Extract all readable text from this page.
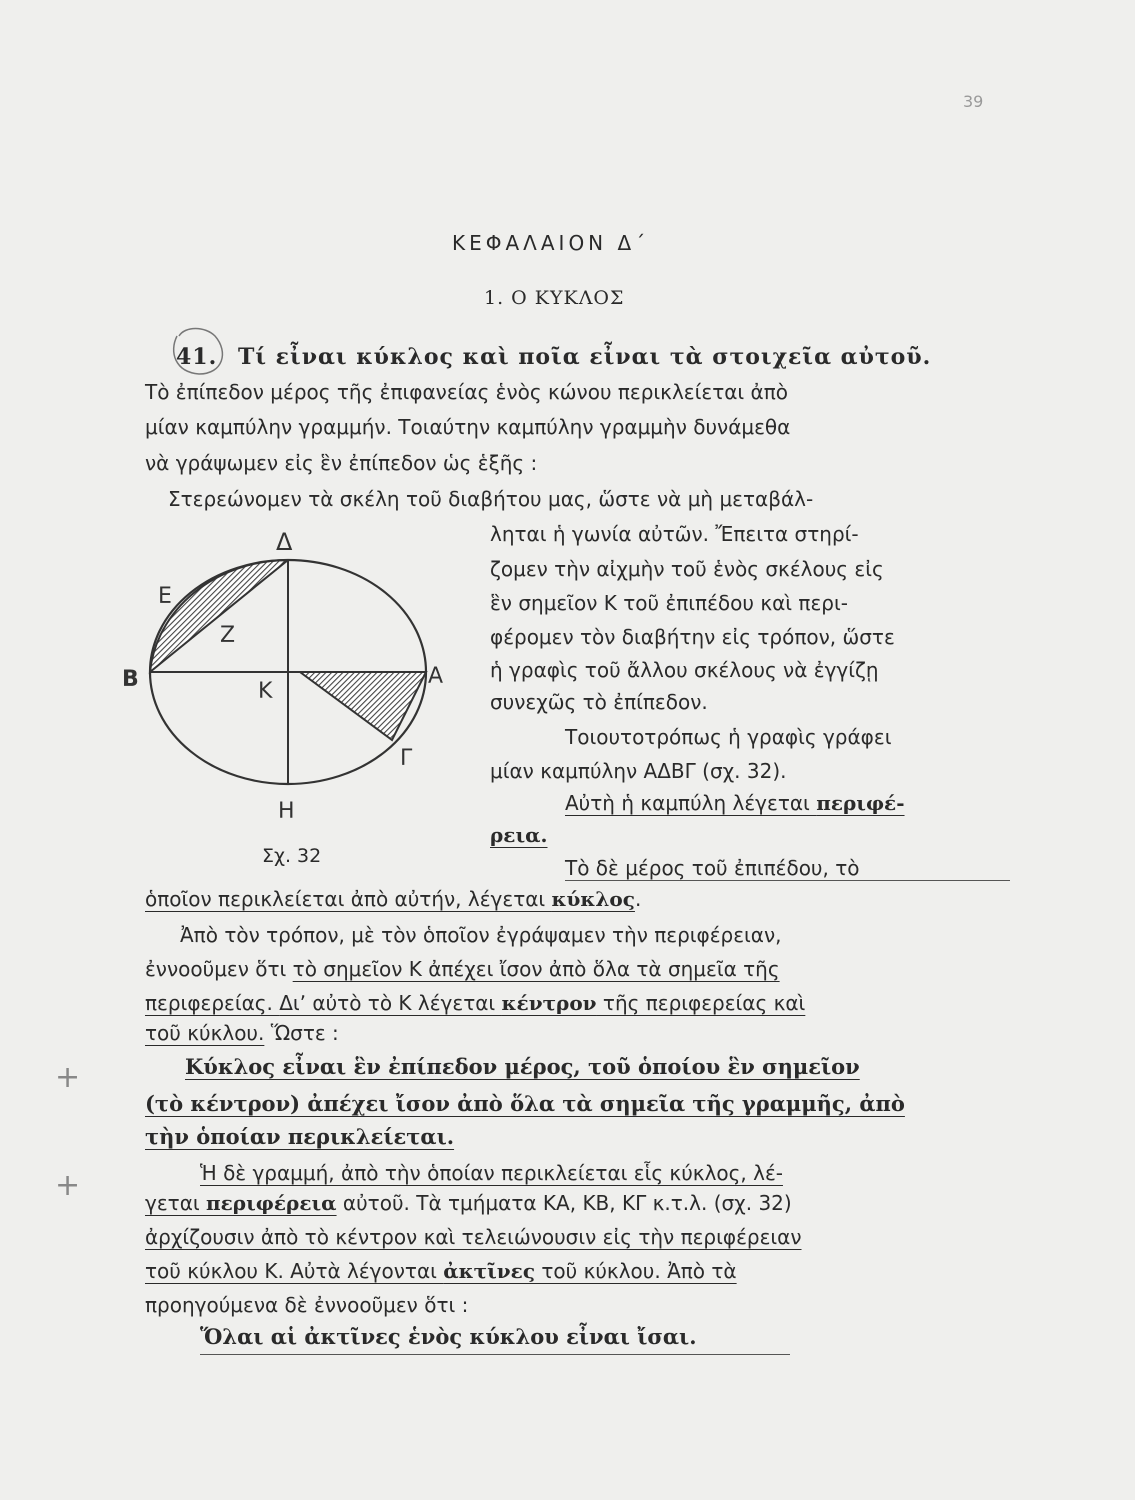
39
ΚΕΦΑΛΑΙΟΝ Δ΄
1. Ο ΚΥΚΛΟΣ
41. Τί εἶναι κύκλος καὶ ποῖα εἶναι τὰ στοιχεῖα αὐτοῦ.
Τὸ ἐπίπεδον μέρος τῆς ἐπιφανείας ἑνὸς κώνου περικλείεται ἀπὸ
μίαν καμπύλην γραμμήν. Τοιαύτην καμπύλην γραμμὴν δυνάμεθα
νὰ γράψωμεν εἰς ἓν ἐπίπεδον ὡς ἑξῆς :
Στερεώνομεν τὰ σκέλη τοῦ διαβήτου μας, ὥστε νὰ μὴ μεταβάλ-
ληται ἡ γωνία αὐτῶν. Ἔπειτα στηρί-
ζομεν τὴν αἰχμὴν τοῦ ἑνὸς σκέλους εἰς
ἓν σημεῖον Κ τοῦ ἐπιπέδου καὶ περι-
φέρομεν τὸν διαβήτην εἰς τρόπον, ὥστε
ἡ γραφὶς τοῦ ἄλλου σκέλους νὰ ἐγγίζῃ
συνεχῶς τὸ ἐπίπεδον.
Τοιουτοτρόπως ἡ γραφὶς γράφει
μίαν καμπύλην ΑΔΒΓ (σχ. 32).
Αὐτὴ ἡ καμπύλη λέγεται περιφέ-
ρεια.
Τὸ δὲ μέρος τοῦ ἐπιπέδου, τὸ
ὁποῖον περικλείεται ἀπὸ αὐτήν, λέγεται κύκλος.
Ἀπὸ τὸν τρόπον, μὲ τὸν ὁποῖον ἐγράψαμεν τὴν περιφέρειαν,
ἐννοοῦμεν ὅτι τὸ σημεῖον Κ ἀπέχει ἴσον ἀπὸ ὅλα τὰ σημεῖα τῆς
περιφερείας. Διʼ αὐτὸ τὸ Κ λέγεται κέντρον τῆς περιφερείας καὶ
τοῦ κύκλου. Ὥστε :
Κύκλος εἶναι ἓν ἐπίπεδον μέρος, τοῦ ὁποίου ἓν σημεῖον
(τὸ κέντρον) ἀπέχει ἴσον ἀπὸ ὅλα τὰ σημεῖα τῆς γραμμῆς, ἀπὸ
τὴν ὁποίαν περικλείεται.
Ἡ δὲ γραμμή, ἀπὸ τὴν ὁποίαν περικλείεται εἷς κύκλος, λέ-
γεται περιφέρεια αὐτοῦ. Τὰ τμήματα ΚΑ, ΚΒ, ΚΓ κ.τ.λ. (σχ. 32)
ἀρχίζουσιν ἀπὸ τὸ κέντρον καὶ τελειώνουσιν εἰς τὴν περιφέρειαν
τοῦ κύκλου Κ. Αὐτὰ λέγονται ἀκτῖνες τοῦ κύκλου. Ἀπὸ τὰ
προηγούμενα δὲ ἐννοοῦμεν ὅτι :
Ὅλαι αἱ ἀκτῖνες ἑνὸς κύκλου εἶναι ἴσαι.
+
+
Δ
Ε
Ζ
Β	Κ
Α
Γ
Η
Σχ. 32
